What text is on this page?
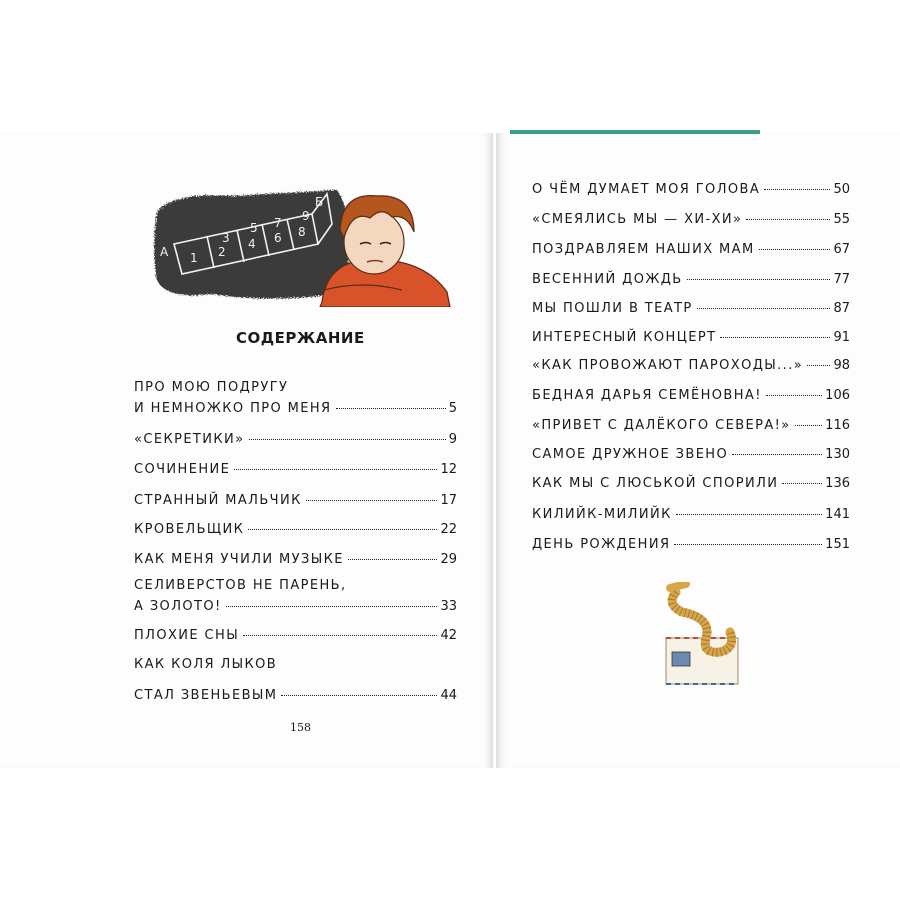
А
Б
1 2
3 4
5
6
7
8
9
СОДЕРЖАНИЕ
ПРО МОЮ ПОДРУГУ
И НЕМНОЖКО ПРО МЕНЯ	5
«СЕКРЕТИКИ»	9
СОЧИНЕНИЕ	12
СТРАННЫЙ МАЛЬЧИК	17
КРОВЕЛЬЩИК	22
КАК МЕНЯ УЧИЛИ МУЗЫКЕ	29
СЕЛИВЕРСТОВ НЕ ПАРЕНЬ,
А ЗОЛОТО!	33
ПЛОХИЕ СНЫ	42
КАК КОЛЯ ЛЫКОВ
СТАЛ ЗВЕНЬЕВЫМ	44
158
О ЧЁМ ДУМАЕТ МОЯ ГОЛОВА	50
«СМЕЯЛИСЬ МЫ — ХИ-ХИ»	55
ПОЗДРАВЛЯЕМ НАШИХ МАМ	67
ВЕСЕННИЙ ДОЖДЬ	77
МЫ ПОШЛИ В ТЕАТР	87
ИНТЕРЕСНЫЙ КОНЦЕРТ	91
«КАК ПРОВОЖАЮТ ПАРОХОДЫ...» 98
БЕДНАЯ ДАРЬЯ СЕМЁНОВНА!	106
«ПРИВЕТ С ДАЛЁКОГО СЕВЕРА!»	116
САМОЕ ДРУЖНОЕ ЗВЕНО	130
КАК МЫ С ЛЮСЬКОЙ СПОРИЛИ	136
КИЛИЙК-МИЛИЙК	141
ДЕНЬ РОЖДЕНИЯ	151
